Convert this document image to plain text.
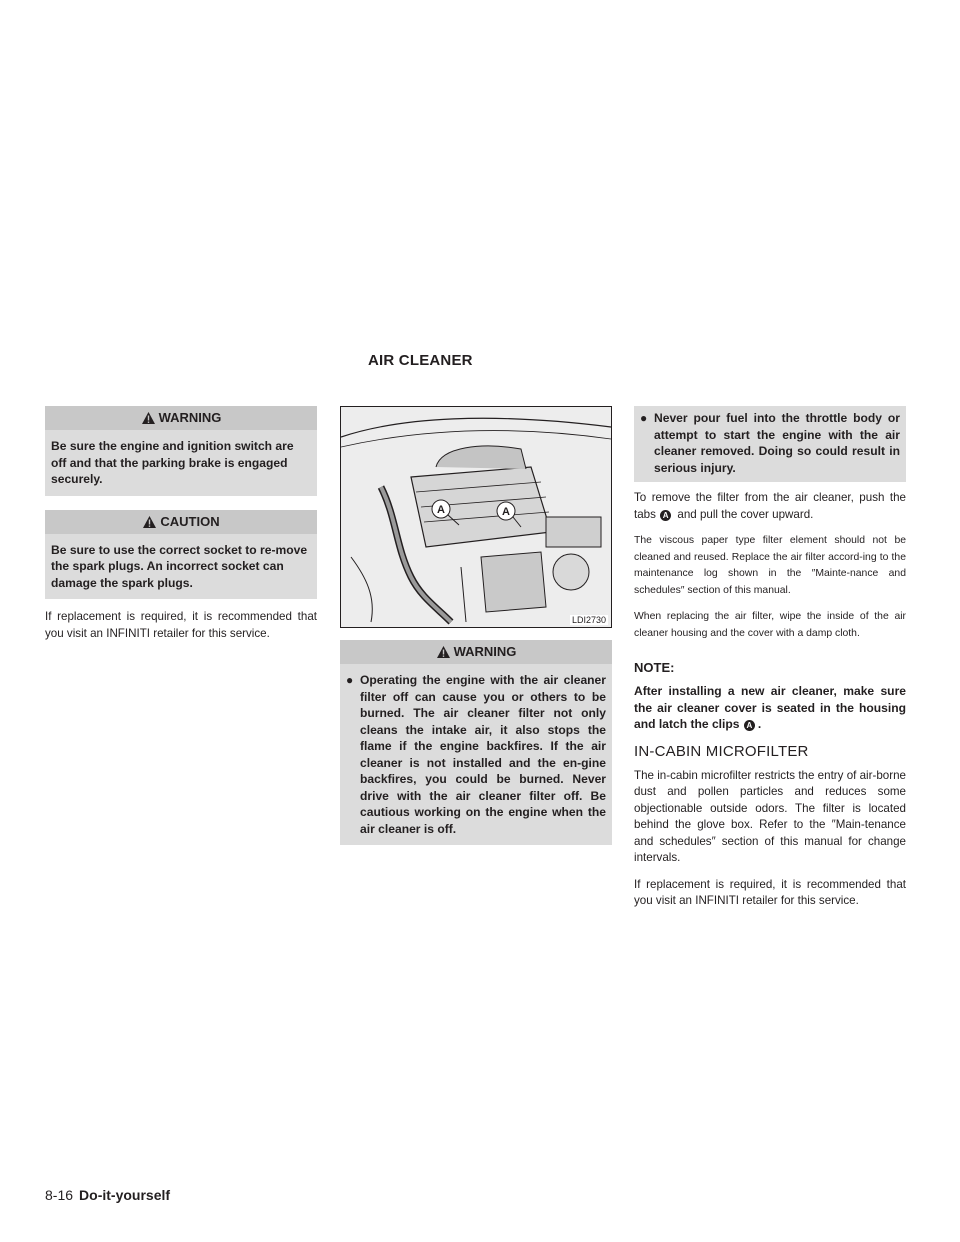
AIR CLEANER
WARNING
Be sure the engine and ignition switch are off and that the parking brake is engaged securely.
CAUTION
Be sure to use the correct socket to re-move the spark plugs. An incorrect socket can damage the spark plugs.

If replacement is required, it is recommended that you visit an INFINITI retailer for this service.

A	A
LDI2730
WARNING
● Operating the engine with the air cleaner filter off can cause you or others to be burned. The air cleaner filter not only cleans the intake air, it also stops the flame if the engine backfires. If the air cleaner is not installed and the en-gine backfires, you could be burned. Never drive with the air cleaner filter off. Be cautious working on the engine when the air cleaner is off.
● Never pour fuel into the throttle body or attempt to start the engine with the air cleaner removed. Doing so could result in serious injury.

To remove the filter from the air cleaner, push the tabs A and pull the cover upward.

The viscous paper type filter element should not be cleaned and reused. Replace the air filter accord-ing to the maintenance log shown in the ″Mainte-nance and schedules″ section of this manual.

When replacing the air filter, wipe the inside of the air cleaner housing and the cover with a damp cloth.

NOTE:

After installing a new air cleaner, make sure the air cleaner cover is seated in the housing and latch the clips A .

IN-CABIN MICROFILTER

The in-cabin microfilter restricts the entry of air-borne dust and pollen particles and reduces some objectionable outside odors. The filter is located behind the glove box. Refer to the ″Main-tenance and schedules″ section of this manual for change intervals.

If replacement is required, it is recommended that you visit an INFINITI retailer for this service.

8-16 Do-it-yourself
